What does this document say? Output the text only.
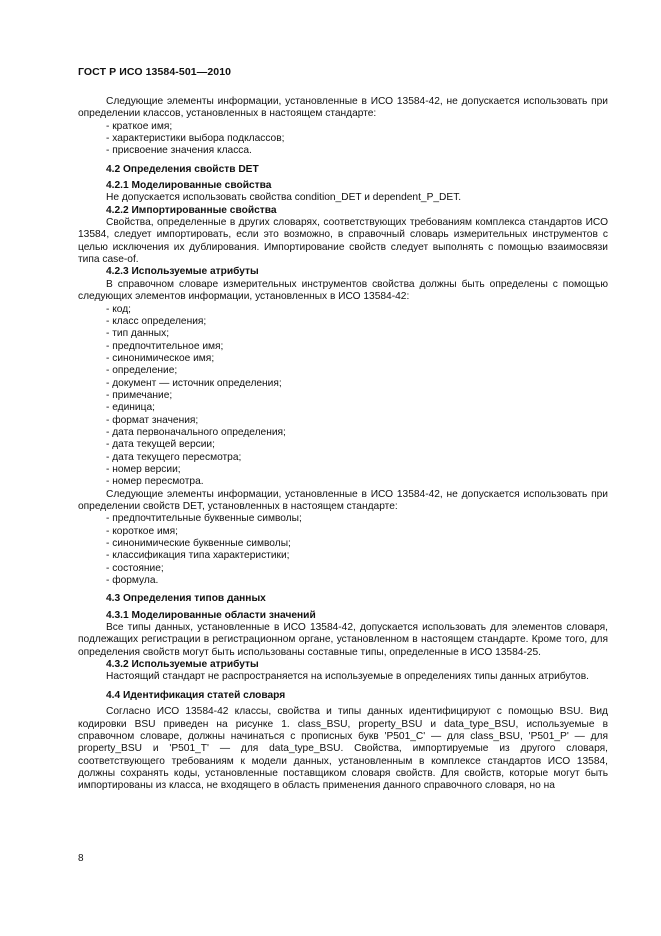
ГОСТ Р ИСО 13584-501—2010

Следующие элементы информации, установленные в ИСО 13584-42, не допускается использовать при определении классов, установленных в настоящем стандарте:

- краткое имя;

- характеристики выбора подклассов;

- присвоение значения класса.

4.2 Определения свойств DET

4.2.1 Моделированные свойства

Не допускается использовать свойства condition_DET и dependent_P_DET.

4.2.2 Импортированные свойства

Свойства, определенные в других словарях, соответствующих требованиям комплекса стандартов ИСО 13584, следует импортировать, если это возможно, в справочный словарь измерительных инструментов с целью исключения их дублирования. Импортирование свойств следует выполнять с помощью взаимосвязи типа case-of.

4.2.3 Используемые атрибуты

В справочном словаре измерительных инструментов свойства должны быть определены с помощью следующих элементов информации, установленных в ИСО 13584-42:

- код;

- класс определения;

- тип данных;

- предпочтительное имя;

- синонимическое имя;

- определение;

- документ — источник определения;

- примечание;

- единица;

- формат значения;

- дата первоначального определения;

- дата текущей версии;

- дата текущего пересмотра;

- номер версии;

- номер пересмотра.

Следующие элементы информации, установленные в ИСО 13584-42, не допускается использовать при определении свойств DET, установленных в настоящем стандарте:

- предпочтительные буквенные символы;

- короткое имя;

- синонимические буквенные символы;

- классификация типа характеристики;

- состояние;

- формула.

4.3 Определения типов данных

4.3.1 Моделированные области значений

Все типы данных, установленные в ИСО 13584-42, допускается использовать для элементов словаря, подлежащих регистрации в регистрационном органе, установленном в настоящем стандарте. Кроме того, для определения свойств могут быть использованы составные типы, определенные в ИСО 13584-25.

4.3.2 Используемые атрибуты

Настоящий стандарт не распространяется на используемые в определениях типы данных атрибутов.

4.4 Идентификация статей словаря

Согласно ИСО 13584-42 классы, свойства и типы данных идентифицируют с помощью BSU. Вид кодировки BSU приведен на рисунке 1. class_BSU, property_BSU и data_type_BSU, используемые в справочном словаре, должны начинаться с прописных букв 'P501_C' — для class_BSU, 'P501_P' — для property_BSU и 'P501_T' — для data_type_BSU. Свойства, импортируемые из другого словаря, соответствующего требованиям к модели данных, установленным в комплексе стандартов ИСО 13584, должны сохранять коды, установленные поставщиком словаря свойств. Для свойств, которые могут быть импортированы из класса, не входящего в область применения данного справочного словаря, но на

8
